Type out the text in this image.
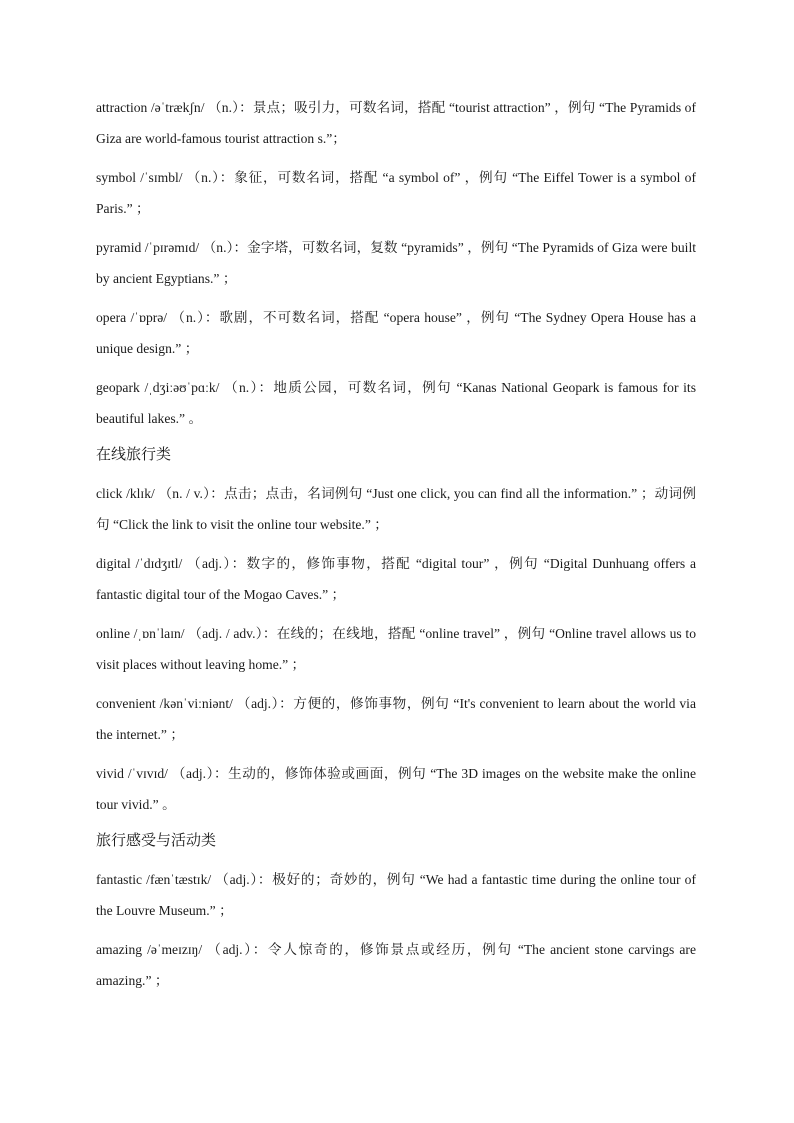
attraction /əˈtrækʃn/ （n.）：景点；吸引力，可数名词，搭配 “tourist attraction” ，例句 “The Pyramids of Giza are world-famous tourist attraction s.”；

symbol /ˈsɪmbl/ （n.）：象征，可数名词，搭配 “a symbol of” ，例句 “The Eiffel Tower is a symbol of Paris.” ；

pyramid /ˈpɪrəmɪd/ （n.）：金字塔，可数名词，复数 “pyramids” ，例句 “The Pyramids of Giza were built by ancient Egyptians.” ；

opera /ˈɒprə/ （n.）：歌剧，不可数名词，搭配 “opera house” ，例句 “The Sydney Opera House has a unique design.” ；

geopark /ˌdʒiːəʊˈpɑːk/ （n.）：地质公园，可数名词，例句 “Kanas National Geopark is famous for its beautiful lakes.” 。

在线旅行类

click /klɪk/ （n. / v.）：点击；点击，名词例句 “Just one click, you can find all the information.” ；动词例句 “Click the link to visit the online tour website.” ；

digital /ˈdɪdʒɪtl/ （adj.）：数字的，修饰事物，搭配 “digital tour” ，例句 “Digital Dunhuang offers a fantastic digital tour of the Mogao Caves.” ；

online /ˌɒnˈlaɪn/ （adj. / adv.）：在线的；在线地，搭配 “online travel” ，例句 “Online travel allows us to visit places without leaving home.” ；

convenient /kənˈviːniənt/ （adj.）：方便的，修饰事物，例句 “It's convenient to learn about the world via the internet.” ；

vivid /ˈvɪvɪd/ （adj.）：生动的，修饰体验或画面，例句 “The 3D images on the website make the online tour vivid.” 。

旅行感受与活动类

fantastic /fænˈtæstɪk/ （adj.）：极好的；奇妙的，例句 “We had a fantastic time during the online tour of the Louvre Museum.” ；

amazing /əˈmeɪzɪŋ/ （adj.）：令人惊奇的，修饰景点或经历，例句 “The ancient stone carvings are amazing.” ；
